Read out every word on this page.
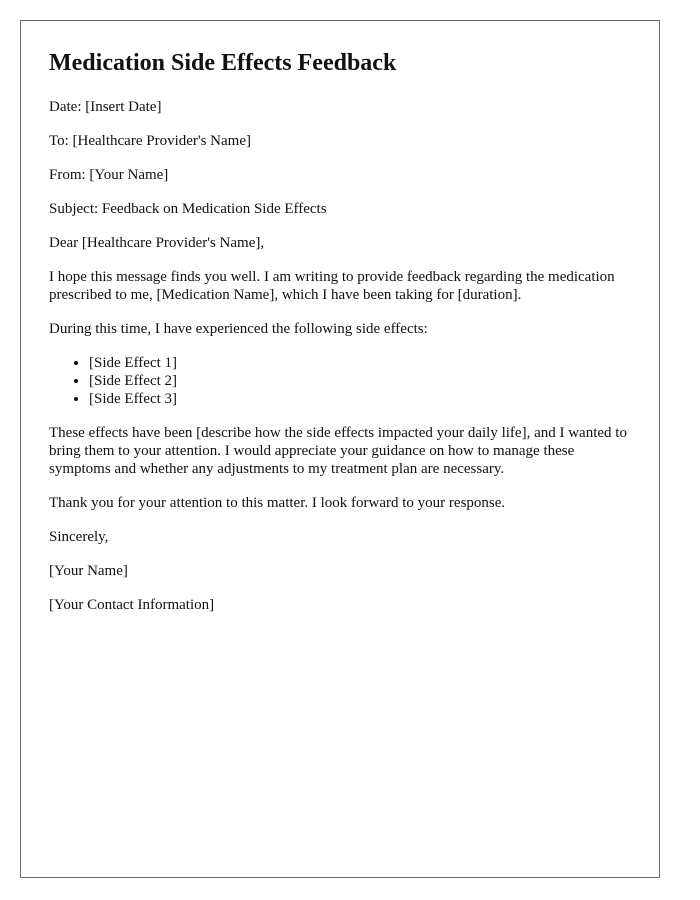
Medication Side Effects Feedback

Date: [Insert Date]

To: [Healthcare Provider's Name]

From: [Your Name]

Subject: Feedback on Medication Side Effects

Dear [Healthcare Provider's Name],

I hope this message finds you well. I am writing to provide feedback regarding the medication prescribed to me, [Medication Name], which I have been taking for [duration].

During this time, I have experienced the following side effects:

• [Side Effect 1]
• [Side Effect 2]
• [Side Effect 3]

These effects have been [describe how the side effects impacted your daily life], and I wanted to bring them to your attention. I would appreciate your guidance on how to manage these symptoms and whether any adjustments to my treatment plan are necessary.

Thank you for your attention to this matter. I look forward to your response.

Sincerely,

[Your Name]

[Your Contact Information]
